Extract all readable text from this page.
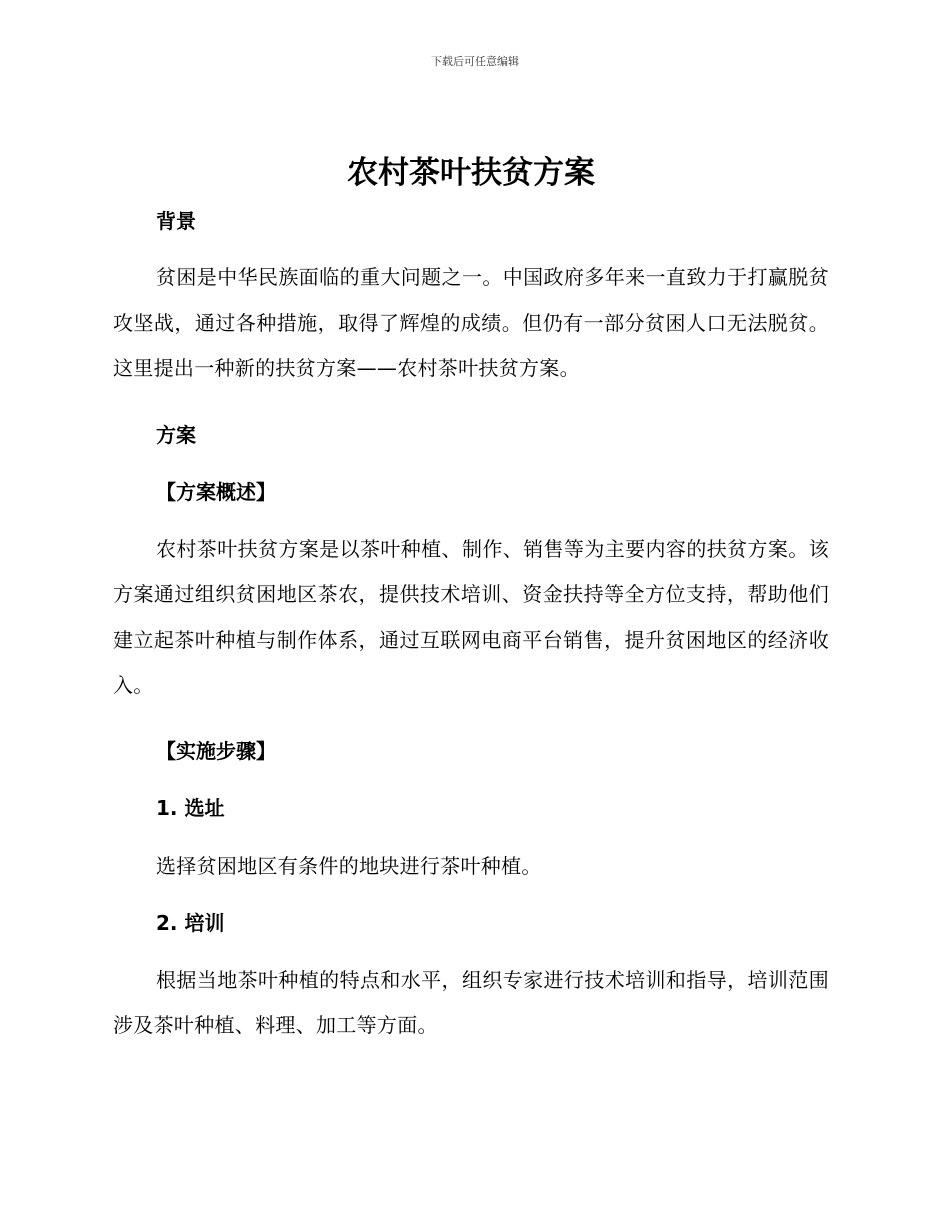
下载后可任意编辑
农村茶叶扶贫方案
背景

贫困是中华民族面临的重大问题之一。中国政府多年来一直致力于打赢脱贫攻坚战，通过各种措施，取得了辉煌的成绩。但仍有一部分贫困人口无法脱贫。这里提出一种新的扶贫方案——农村茶叶扶贫方案。

方案
【方案概述】

农村茶叶扶贫方案是以茶叶种植、制作、销售等为主要内容的扶贫方案。该方案通过组织贫困地区茶农，提供技术培训、资金扶持等全方位支持，帮助他们建立起茶叶种植与制作体系，通过互联网电商平台销售，提升贫困地区的经济收入。

【实施步骤】
1. 选址

选择贫困地区有条件的地块进行茶叶种植。

2. 培训

根据当地茶叶种植的特点和水平，组织专家进行技术培训和指导，培训范围涉及茶叶种植、料理、加工等方面。
